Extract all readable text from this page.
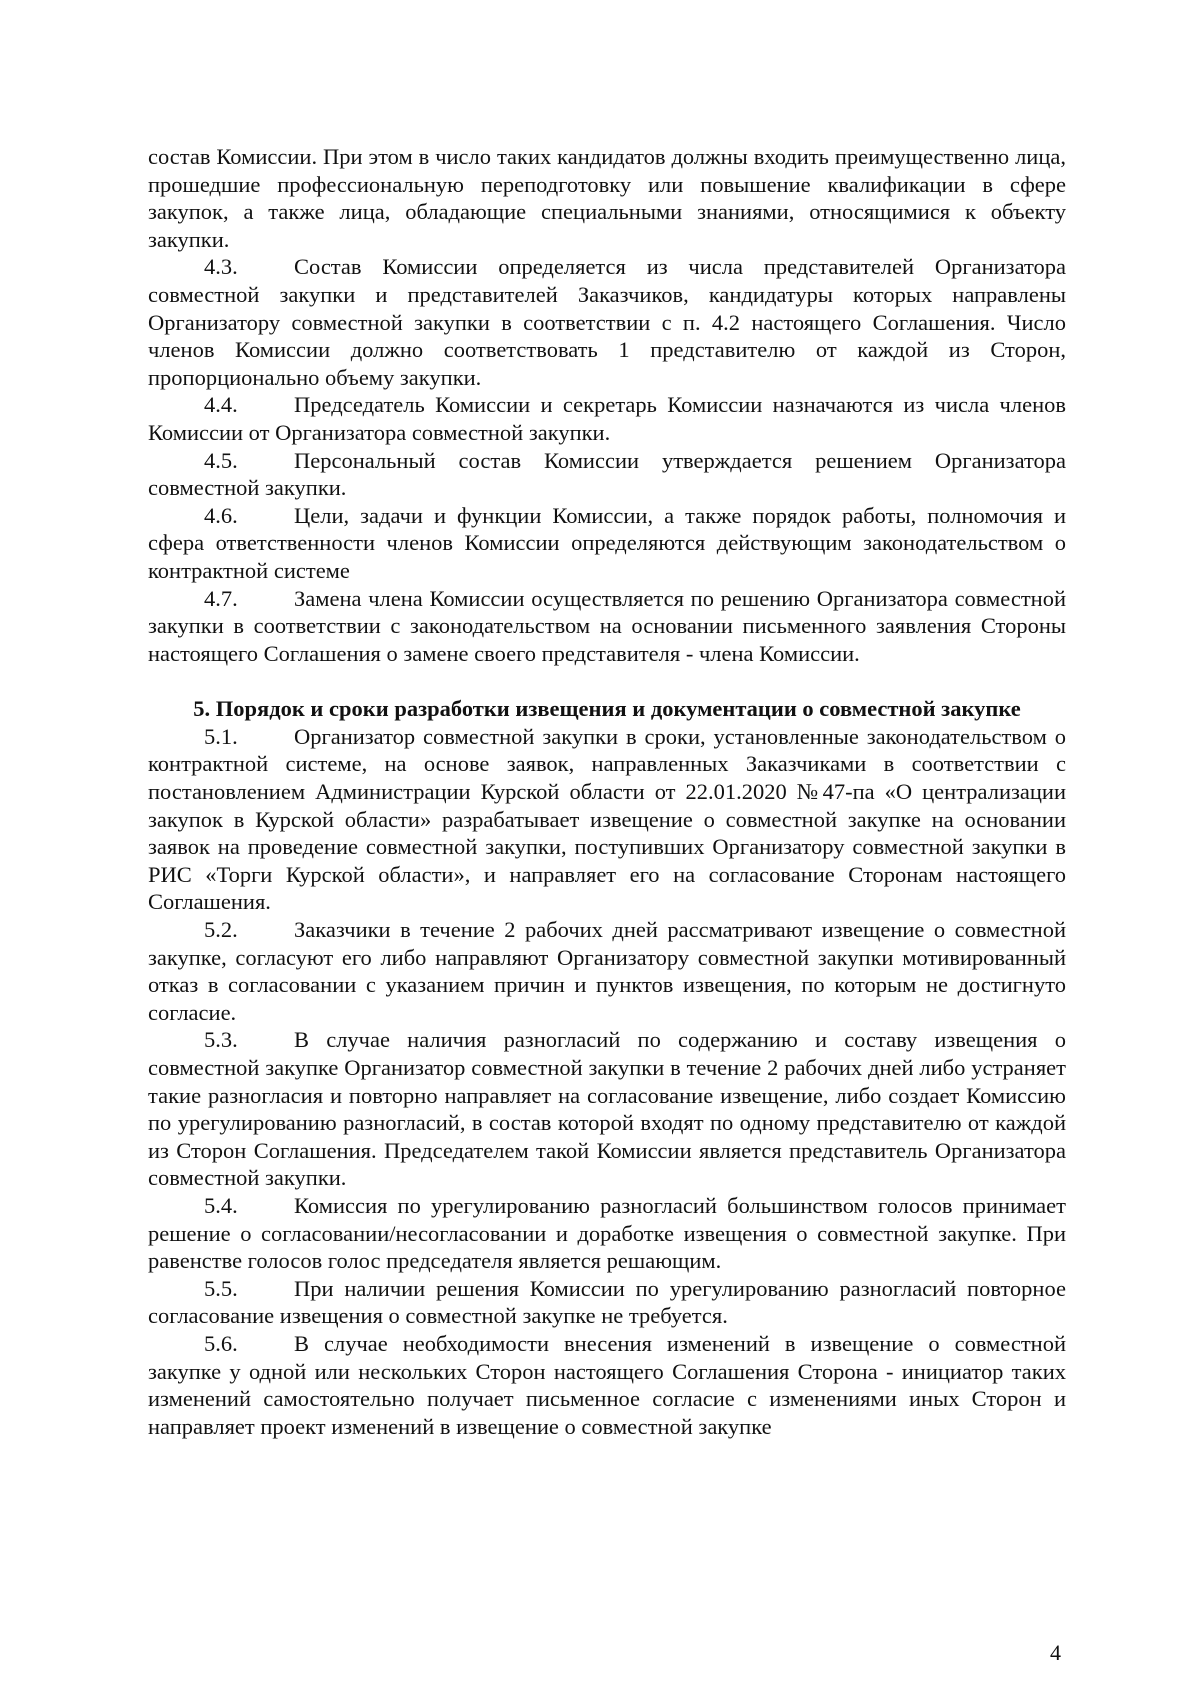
состав Комиссии. При этом в число таких кандидатов должны входить преимущественно лица, прошедшие профессиональную переподготовку или повышение квалификации в сфере закупок, а также лица, обладающие специальными знаниями, относящимися к объекту закупки.

4.3.	Состав Комиссии определяется из числа представителей Организатора совместной закупки и представителей Заказчиков, кандидатуры которых направлены Организатору совместной закупки в соответствии с п. 4.2 настоящего Соглашения. Число членов Комиссии должно соответствовать 1 представителю от каждой из Сторон, пропорционально объему закупки.

4.4.	Председатель Комиссии и секретарь Комиссии назначаются из числа членов Комиссии от Организатора совместной закупки.

4.5.	Персональный состав Комиссии утверждается решением Организатора совместной закупки.

4.6.	Цели, задачи и функции Комиссии, а также порядок работы, полномочия и сфера ответственности членов Комиссии определяются действующим законодательством о контрактной системе

4.7.	Замена члена Комиссии осуществляется по решению Организатора совместной закупки в соответствии с законодательством на основании письменного заявления Стороны настоящего Соглашения о замене своего представителя - члена Комиссии.

5. Порядок и сроки разработки извещения и документации о совместной закупке

5.1.	Организатор совместной закупки в сроки, установленные законодательством о контрактной системе, на основе заявок, направленных Заказчиками в соответствии с постановлением Администрации Курской области от 22.01.2020 №47-па «О централизации закупок в Курской области» разрабатывает извещение о совместной закупке на основании заявок на проведение совместной закупки, поступивших Организатору совместной закупки в РИС «Торги Курской области», и направляет его на согласование Сторонам настоящего Соглашения.

5.2.	Заказчики в течение 2 рабочих дней рассматривают извещение о совместной закупке, согласуют его либо направляют Организатору совместной закупки мотивированный отказ в согласовании с указанием причин и пунктов извещения, по которым не достигнуто согласие.

5.3.	В случае наличия разногласий по содержанию и составу извещения о совместной закупке Организатор совместной закупки в течение 2 рабочих дней либо устраняет такие разногласия и повторно направляет на согласование извещение, либо создает Комиссию по урегулированию разногласий, в состав которой входят по одному представителю от каждой из Сторон Соглашения. Председателем такой Комиссии является представитель Организатора совместной закупки.

5.4.	Комиссия по урегулированию разногласий большинством голосов принимает решение о согласовании/несогласовании и доработке извещения о совместной закупке. При равенстве голосов голос председателя является решающим.

5.5.	При наличии решения Комиссии по урегулированию разногласий повторное согласование извещения о совместной закупке не требуется.

5.6.	В случае необходимости внесения изменений в извещение о совместной закупке у одной или нескольких Сторон настоящего Соглашения Сторона - инициатор таких изменений самостоятельно получает письменное согласие с изменениями иных Сторон и направляет проект изменений в извещение о совместной закупке

4
